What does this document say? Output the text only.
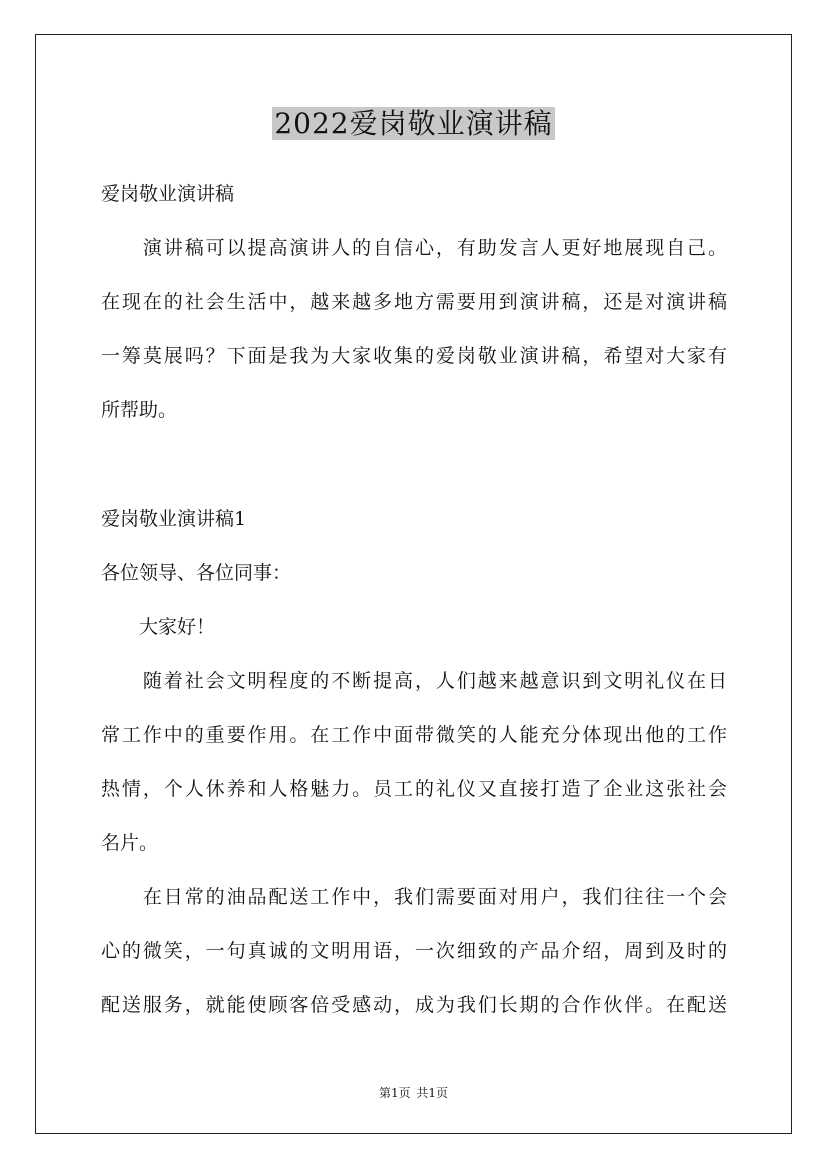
2022爱岗敬业演讲稿
爱岗敬业演讲稿
　　演讲稿可以提高演讲人的自信心，有助发言人更好地展现自己。
在现在的社会生活中，越来越多地方需要用到演讲稿，还是对演讲稿
一筹莫展吗？下面是我为大家收集的爱岗敬业演讲稿，希望对大家有
所帮助。
爱岗敬业演讲稿1
各位领导、各位同事：
　　大家好！
　　随着社会文明程度的不断提高，人们越来越意识到文明礼仪在日
常工作中的重要作用。在工作中面带微笑的人能充分体现出他的工作
热情，个人休养和人格魅力。员工的礼仪又直接打造了企业这张社会
名片。
　　在日常的油品配送工作中，我们需要面对用户，我们往往一个会
心的微笑，一句真诚的文明用语，一次细致的产品介绍，周到及时的
配送服务，就能使顾客倍受感动，成为我们长期的合作伙伴。在配送
第1页 共1页
